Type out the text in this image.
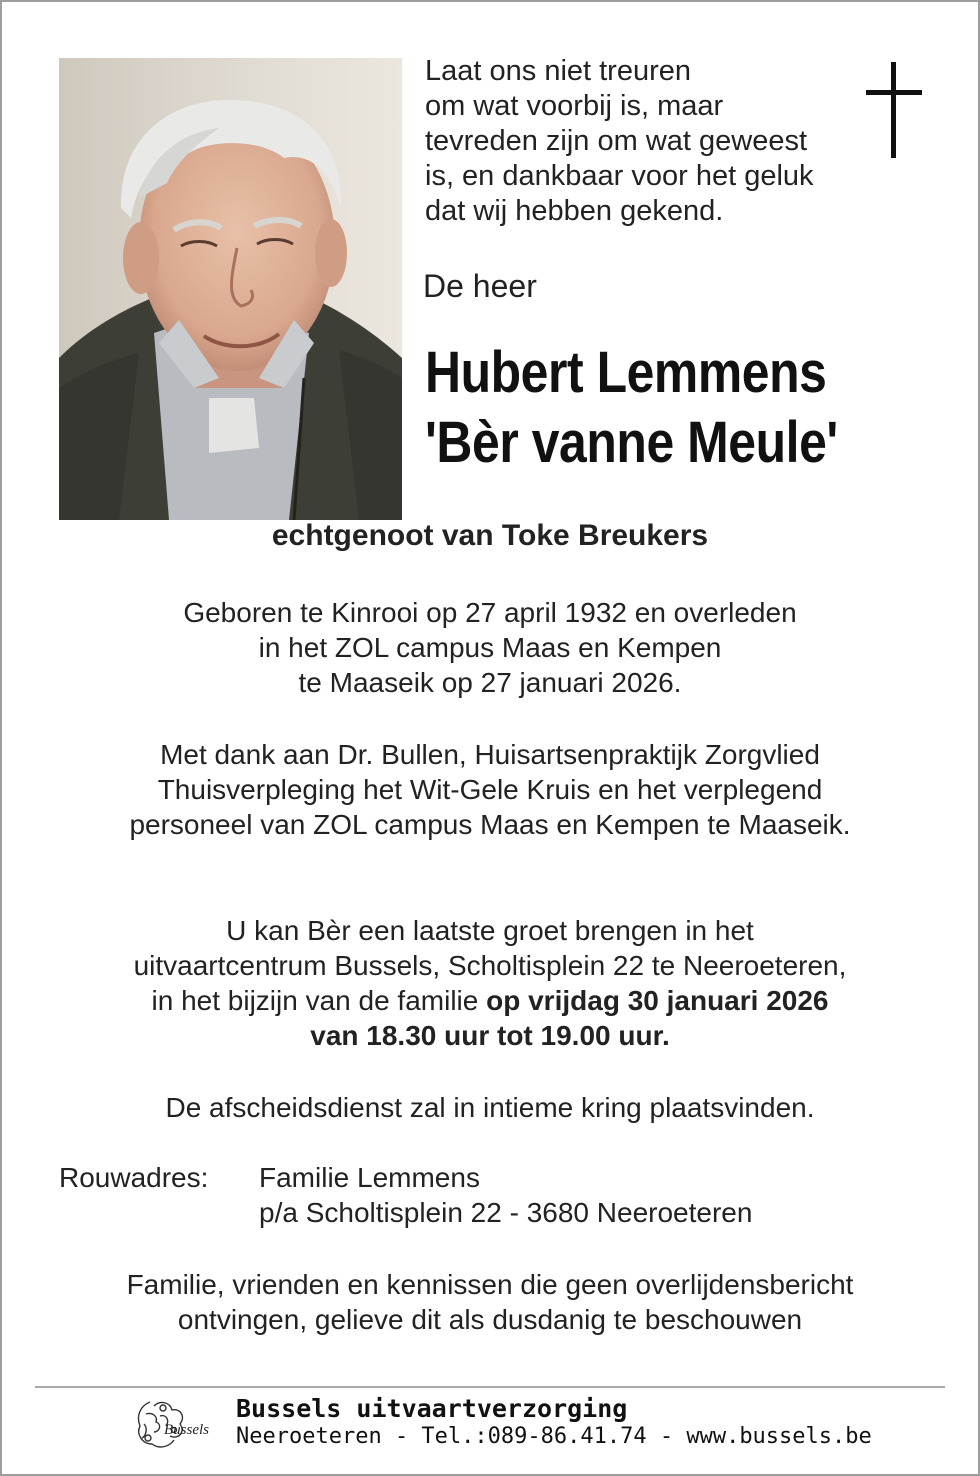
Laat ons niet treuren
om wat voorbij is, maar
tevreden zijn om wat geweest
is, en dankbaar voor het geluk
dat wij hebben gekend.
De heer
Hubert Lemmens
'Bèr vanne Meule'
echtgenoot van Toke Breukers
Geboren te Kinrooi op 27 april 1932 en overleden
in het ZOL campus Maas en Kempen
te Maaseik op 27 januari 2026.
Met dank aan Dr. Bullen, Huisartsenpraktijk Zorgvlied
Thuisverpleging het Wit-Gele Kruis en het verplegend
personeel van ZOL campus Maas en Kempen te Maaseik.
U kan Bèr een laatste groet brengen in het
uitvaartcentrum Bussels, Scholtisplein 22 te Neeroeteren,
in het bijzijn van de familie op vrijdag 30 januari 2026
van 18.30 uur tot 19.00 uur.
De afscheidsdienst zal in intieme kring plaatsvinden.
Rouwadres: Familie Lemmens
p/a Scholtisplein 22 - 3680 Neeroeteren
Familie, vrienden en kennissen die geen overlijdensbericht
ontvingen, gelieve dit als dusdanig te beschouwen
Bussels
Bussels uitvaartverzorging
Neeroeteren - Tel.:089-86.41.74 - www.bussels.be
